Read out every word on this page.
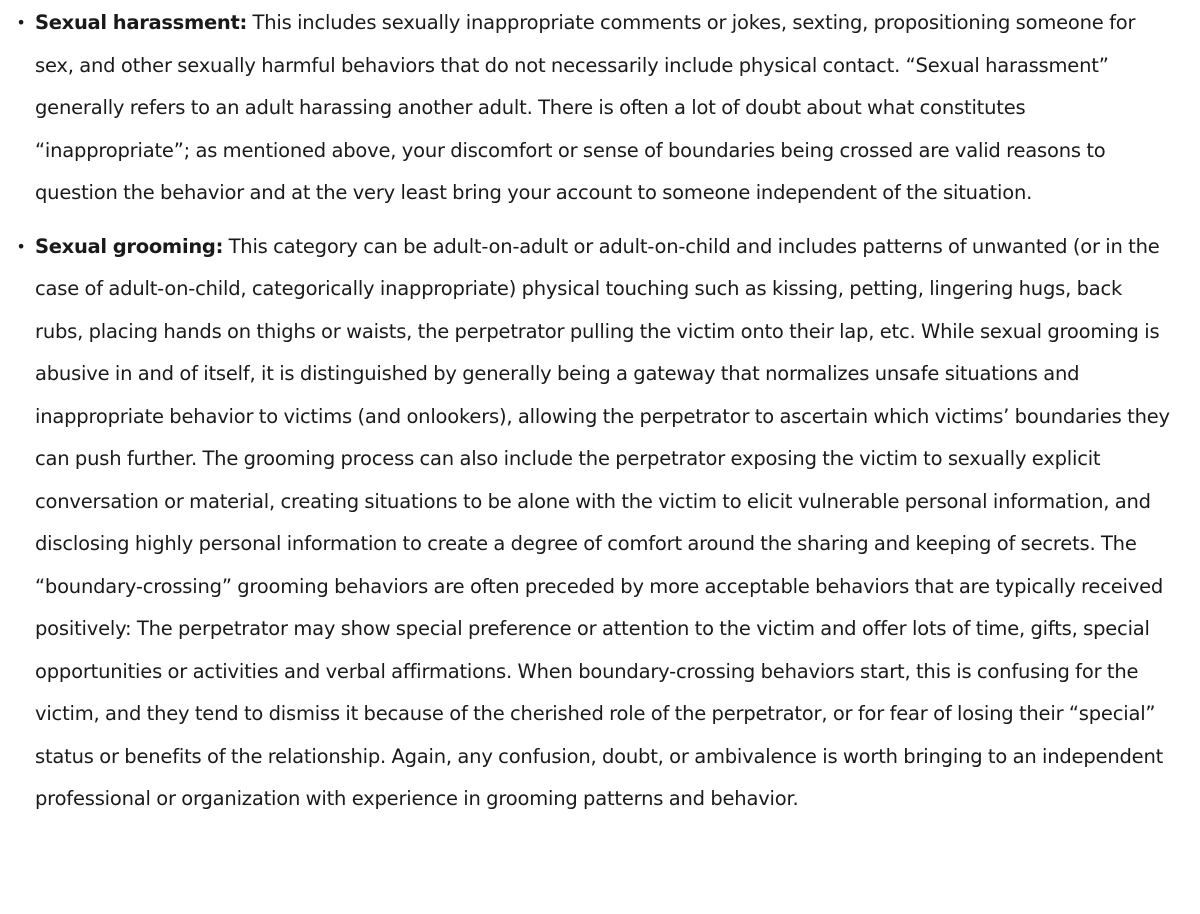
• Sexual harassment: This includes sexually inappropriate comments or jokes, sexting, propositioning someone for sex, and other sexually harmful behaviors that do not necessarily include physical contact. “Sexual harassment” generally refers to an adult harassing another adult. There is often a lot of doubt about what constitutes “inappropriate”; as mentioned above, your discomfort or sense of boundaries being crossed are valid reasons to question the behavior and at the very least bring your account to someone independent of the situation.
• Sexual grooming: This category can be adult-on-adult or adult-on-child and includes patterns of unwanted (or in the case of adult-on-child, categorically inappropriate) physical touching such as kissing, petting, lingering hugs, back rubs, placing hands on thighs or waists, the perpetrator pulling the victim onto their lap, etc. While sexual grooming is abusive in and of itself, it is distinguished by generally being a gateway that normalizes unsafe situations and inappropriate behavior to victims (and onlookers), allowing the perpetrator to ascertain which victims’ boundaries they can push further. The grooming process can also include the perpetrator exposing the victim to sexually explicit conversation or material, creating situations to be alone with the victim to elicit vulnerable personal information, and disclosing highly personal information to create a degree of comfort around the sharing and keeping of secrets. The “boundary-crossing” grooming behaviors are often preceded by more acceptable behaviors that are typically received positively: The perpetrator may show special preference or attention to the victim and offer lots of time, gifts, special opportunities or activities and verbal affirmations. When boundary-crossing behaviors start, this is confusing for the victim, and they tend to dismiss it because of the cherished role of the perpetrator, or for fear of losing their “special” status or benefits of the relationship. Again, any confusion, doubt, or ambivalence is worth bringing to an independent professional or organization with experience in grooming patterns and behavior.
